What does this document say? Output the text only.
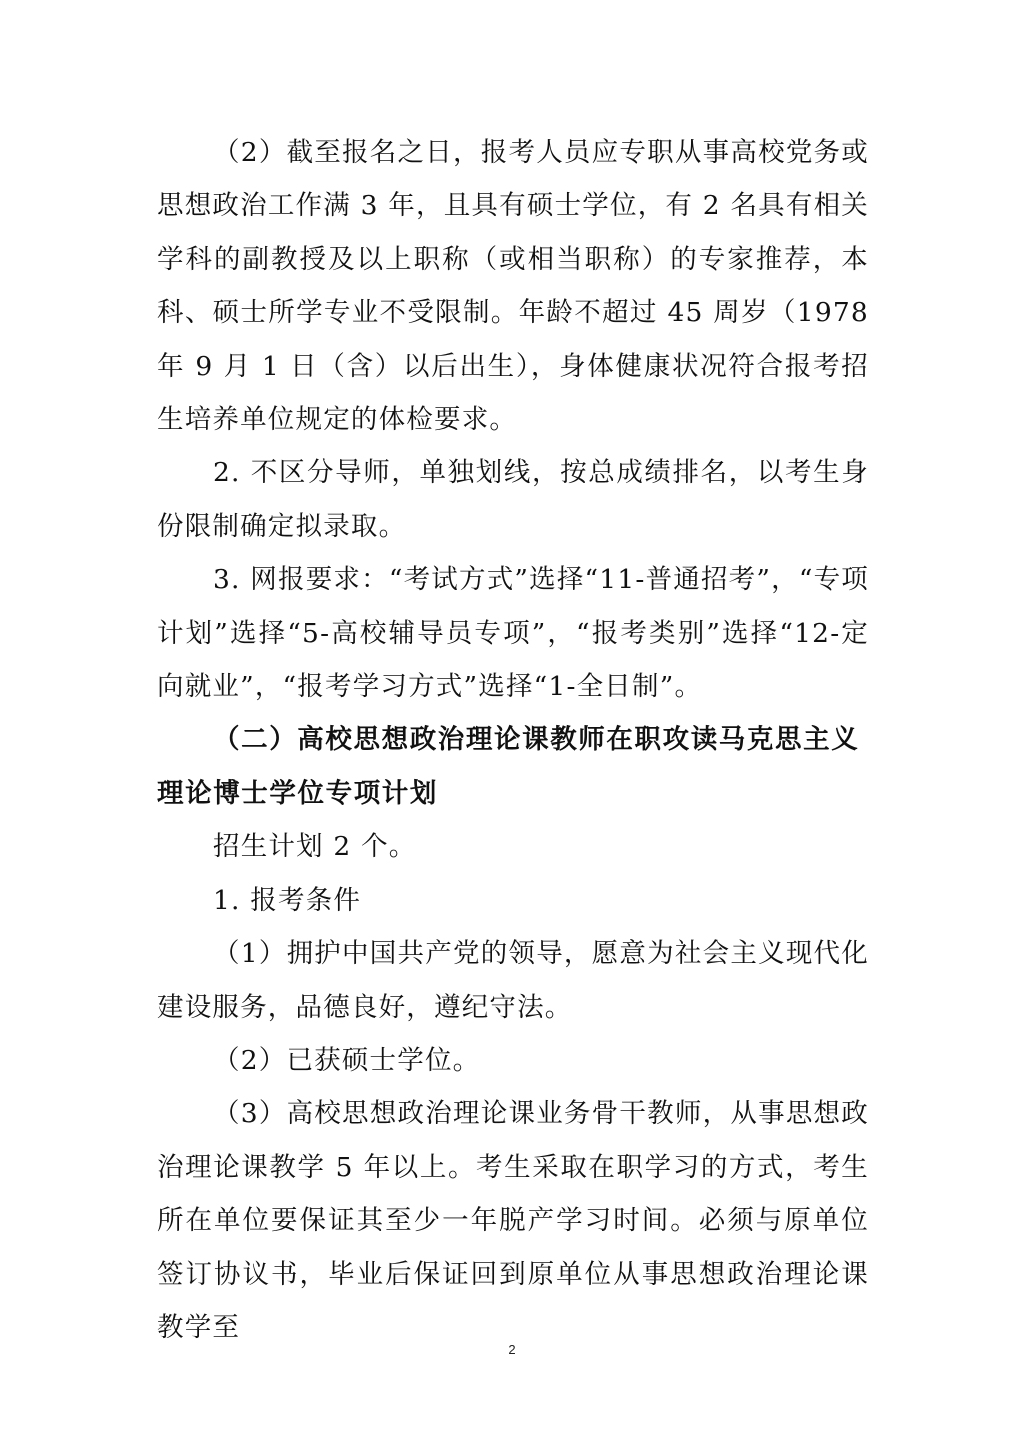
（2）截至报名之日，报考人员应专职从事高校党务或思想政治工作满 3 年，且具有硕士学位，有 2 名具有相关学科的副教授及以上职称（或相当职称）的专家推荐，本科、硕士所学专业不受限制。年龄不超过 45 周岁（1978 年 9 月 1 日（含）以后出生），身体健康状况符合报考招生培养单位规定的体检要求。

2. 不区分导师，单独划线，按总成绩排名，以考生身份限制确定拟录取。

3. 网报要求：“考试方式”选择“11-普通招考”，“专项计划”选择“5-高校辅导员专项”，“报考类别”选择“12-定向就业”，“报考学习方式”选择“1-全日制”。

（二）高校思想政治理论课教师在职攻读马克思主义理论博士学位专项计划

招生计划 2 个。

1. 报考条件

（1）拥护中国共产党的领导，愿意为社会主义现代化建设服务，品德良好，遵纪守法。

（2）已获硕士学位。

（3）高校思想政治理论课业务骨干教师，从事思想政治理论课教学 5 年以上。考生采取在职学习的方式，考生所在单位要保证其至少一年脱产学习时间。必须与原单位签订协议书，毕业后保证回到原单位从事思想政治理论课教学至

2
